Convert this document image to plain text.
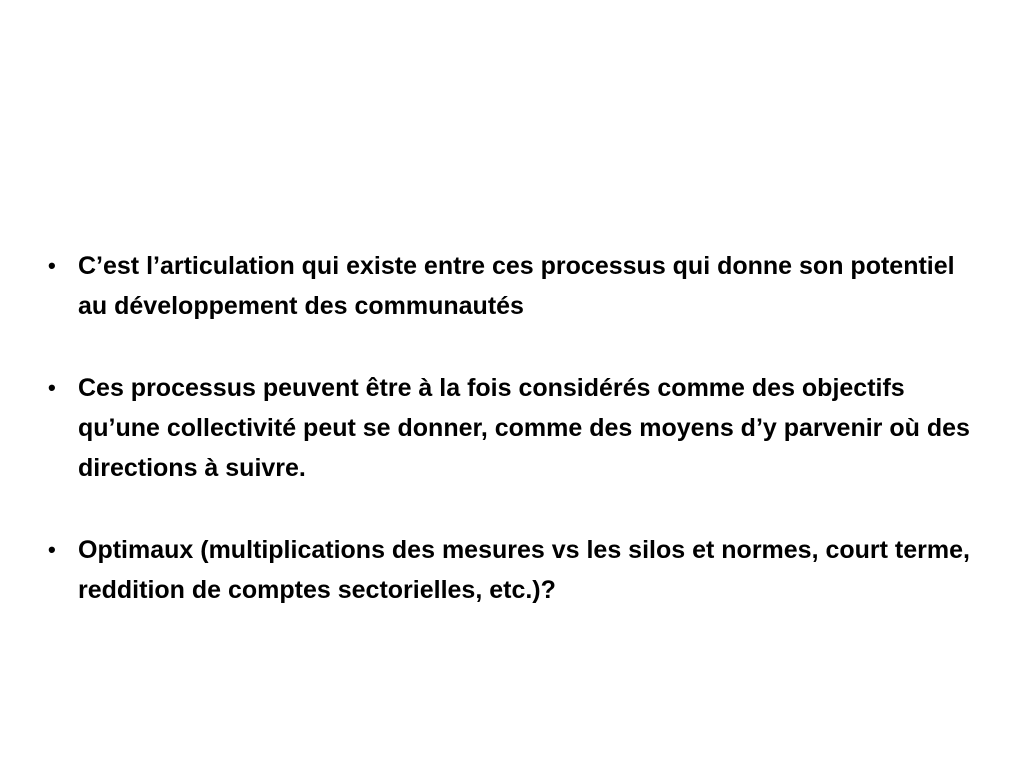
• C’est l’articulation qui existe entre ces processus qui donne son potentiel au développement des communautés
• Ces processus peuvent être à la fois considérés comme des objectifs qu’une collectivité peut se donner, comme des moyens d’y parvenir où des directions à suivre.
• Optimaux (multiplications des mesures vs les silos et normes, court terme, reddition de comptes sectorielles, etc.)?
